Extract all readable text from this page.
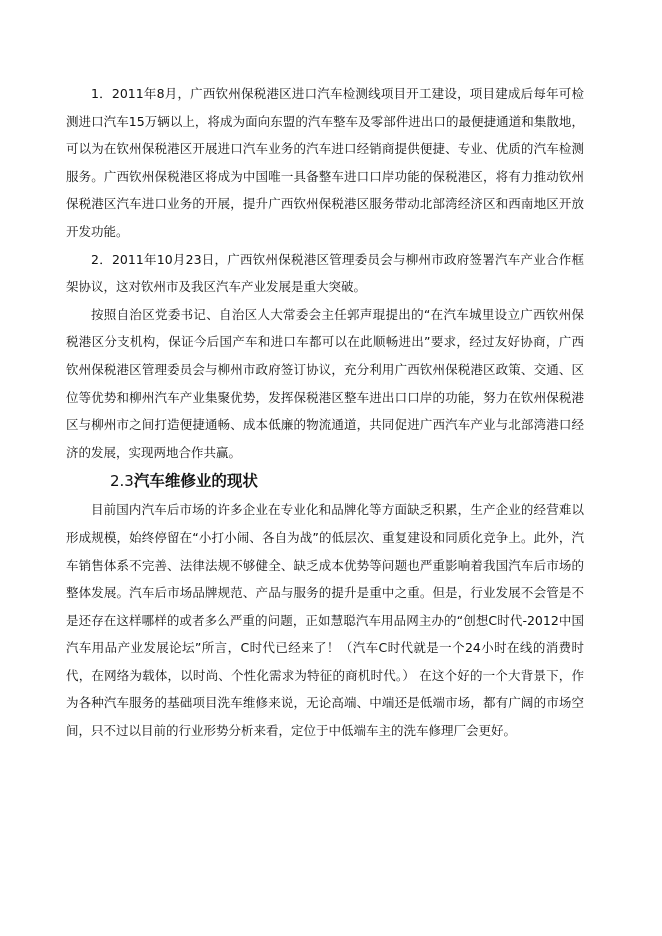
1．2011年8月，广西钦州保税港区进口汽车检测线项目开工建设，项目建成后每年可检测进口汽车15万辆以上，将成为面向东盟的汽车整车及零部件进出口的最便捷通道和集散地，可以为在钦州保税港区开展进口汽车业务的汽车进口经销商提供便捷、专业、优质的汽车检测服务。广西钦州保税港区将成为中国唯一具备整车进口口岸功能的保税港区，将有力推动钦州保税港区汽车进口业务的开展，提升广西钦州保税港区服务带动北部湾经济区和西南地区开放开发功能。

2．2011年10月23日，广西钦州保税港区管理委员会与柳州市政府签署汽车产业合作框架协议，这对钦州市及我区汽车产业发展是重大突破。

按照自治区党委书记、自治区人大常委会主任郭声琨提出的“在汽车城里设立广西钦州保税港区分支机构，保证今后国产车和进口车都可以在此顺畅进出”要求，经过友好协商，广西钦州保税港区管理委员会与柳州市政府签订协议，充分利用广西钦州保税港区政策、交通、区位等优势和柳州汽车产业集聚优势，发挥保税港区整车进出口口岸的功能，努力在钦州保税港区与柳州市之间打造便捷通畅、成本低廉的物流通道，共同促进广西汽车产业与北部湾港口经济的发展，实现两地合作共赢。

2.3汽车维修业的现状

目前国内汽车后市场的许多企业在专业化和品牌化等方面缺乏积累，生产企业的经营难以形成规模，始终停留在“小打小闹、各自为战”的低层次、重复建设和同质化竞争上。此外，汽车销售体系不完善、法律法规不够健全、缺乏成本优势等问题也严重影响着我国汽车后市场的整体发展。汽车后市场品牌规范、产品与服务的提升是重中之重。但是，行业发展不会管是不是还存在这样哪样的或者多么严重的问题，正如慧聪汽车用品网主办的“创想C时代-2012中国汽车用品产业发展论坛”所言，C时代已经来了！（汽车C时代就是一个24小时在线的消费时代，在网络为载体，以时尚、个性化需求为特征的商机时代。） 在这个好的一个大背景下，作为各种汽车服务的基础项目洗车维修来说，无论高端、中端还是低端市场，都有广阔的市场空间，只不过以目前的行业形势分析来看，定位于中低端车主的洗车修理厂会更好。
